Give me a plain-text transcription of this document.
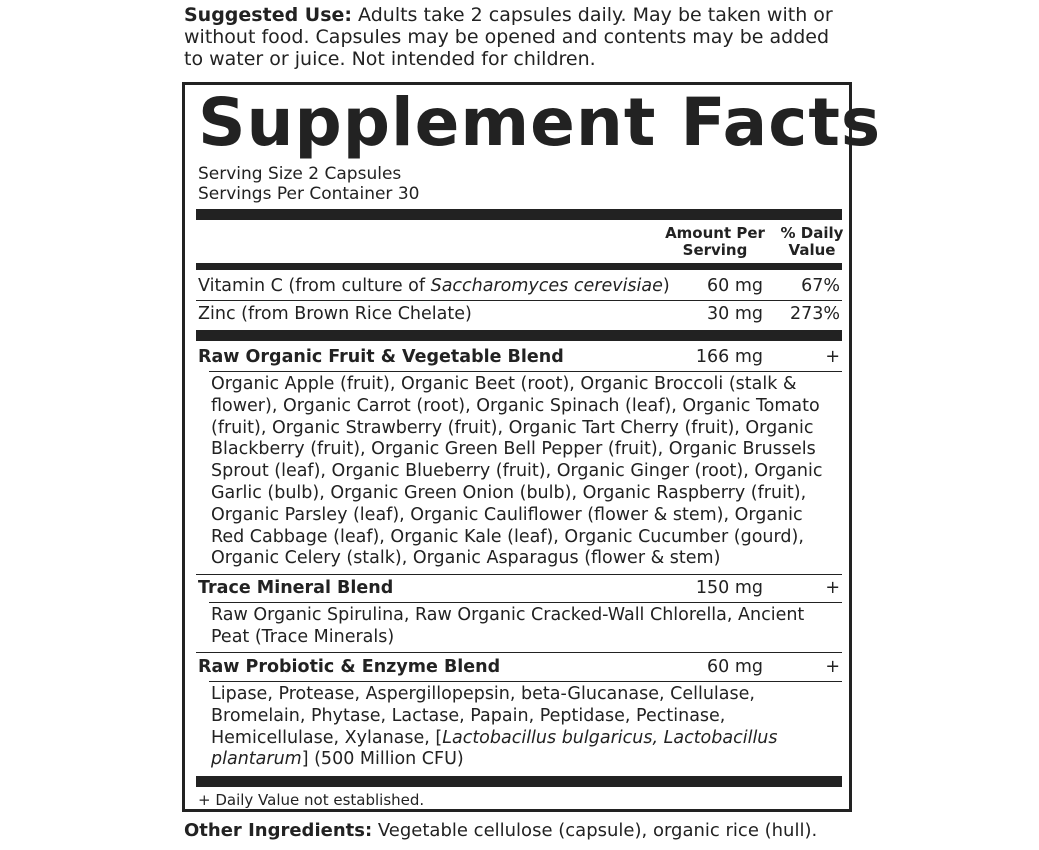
Suggested Use: Adults take 2 capsules daily. May be taken with or without food. Capsules may be opened and contents may be added to water or juice. Not intended for children.
Supplement Facts
Serving Size 2 Capsules
Servings Per Container 30
Amount Per Serving
% Daily Value
Vitamin C (from culture of Saccharomyces cerevisiae)	60 mg	67%
Zinc (from Brown Rice Chelate)	30 mg	273%
Raw Organic Fruit & Vegetable Blend	166 mg	+
Organic Apple (fruit), Organic Beet (root), Organic Broccoli (stalk & flower), Organic Carrot (root), Organic Spinach (leaf), Organic Tomato (fruit), Organic Strawberry (fruit), Organic Tart Cherry (fruit), Organic Blackberry (fruit), Organic Green Bell Pepper (fruit), Organic Brussels Sprout (leaf), Organic Blueberry (fruit), Organic Ginger (root), Organic Garlic (bulb), Organic Green Onion (bulb), Organic Raspberry (fruit), Organic Parsley (leaf), Organic Cauliflower (flower & stem), Organic Red Cabbage (leaf), Organic Kale (leaf), Organic Cucumber (gourd), Organic Celery (stalk), Organic Asparagus (flower & stem)
Trace Mineral Blend	150 mg	+
Raw Organic Spirulina, Raw Organic Cracked-Wall Chlorella, Ancient Peat (Trace Minerals)
Raw Probiotic & Enzyme Blend	60 mg	+
Lipase, Protease, Aspergillopepsin, beta-Glucanase, Cellulase, Bromelain, Phytase, Lactase, Papain, Peptidase, Pectinase, Hemicellulase, Xylanase, [Lactobacillus bulgaricus, Lactobacillus plantarum] (500 Million CFU)
+ Daily Value not established.
Other Ingredients: Vegetable cellulose (capsule), organic rice (hull).
